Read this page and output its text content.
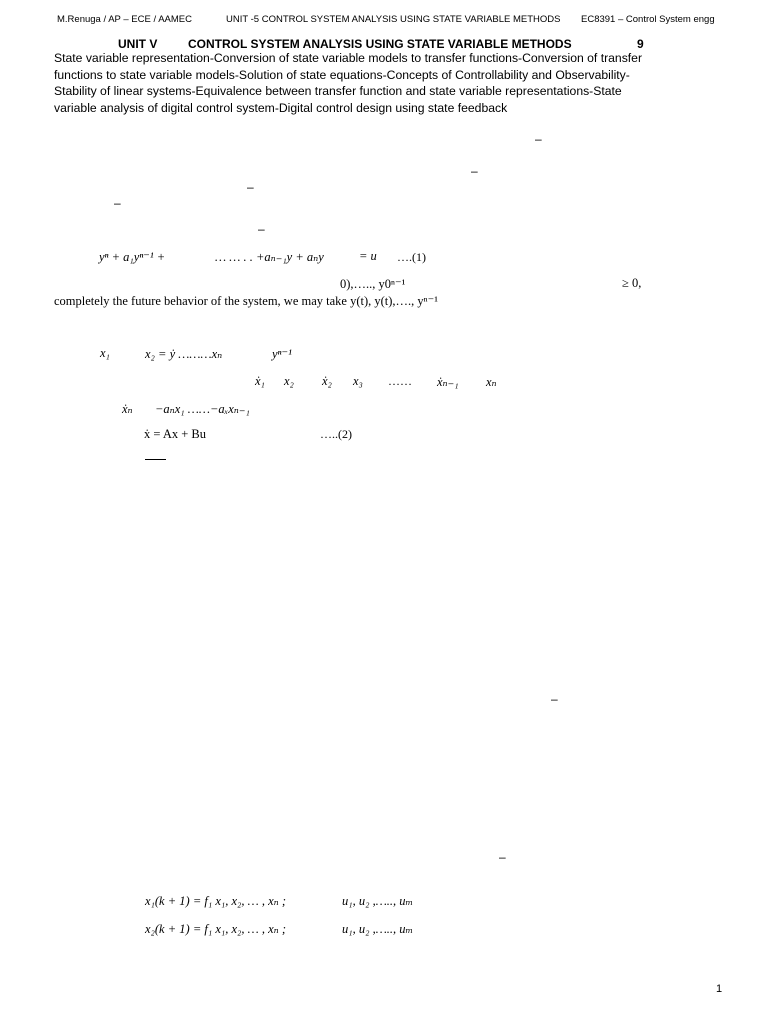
M.Renuga / AP – ECE / AAMEC	UNIT -5 CONTROL SYSTEM ANALYSIS USING STATE VARIABLE METHODS EC8391 – Control System engg
UNIT V	CONTROL SYSTEM ANALYSIS USING STATE VARIABLE METHODS	9
State variable representation-Conversion of state variable models to transfer functions-Conversion of transfer
functions to state variable models-Solution of state equations-Concepts of Controllability and Observability-
Stability of linear systems-Equivalence between transfer function and state variable representations-State
variable analysis of digital control system-Digital control design using state feedback
–
–
–
–
–
yⁿ + a₁yⁿ⁻¹ +	… … . . +aₙ₋₁y + aₙy	= u ….(1)
0),….., y0ⁿ⁻¹	≥ 0,
completely the future behavior of the system, we may take y(t), y(t),…., yⁿ⁻¹
x₁	x₂ = ẏ ………xₙ	yⁿ⁻¹
ẋ₁ x₂ ẋ₂ x₃ …… ẋₙ₋₁ xₙ
ẋₙ −aₙx₁ ……−aₓxₙ₋₁
ẋ = Ax + Bu	…..(2)
–
–
x₁(k + 1) = f₁ x₁, x₂, … , xₙ ;	u₁, u₂ ,….., uₘ
x₂(k + 1) = f₁ x₁, x₂, … , xₙ ;	u₁, u₂ ,….., uₘ
1
